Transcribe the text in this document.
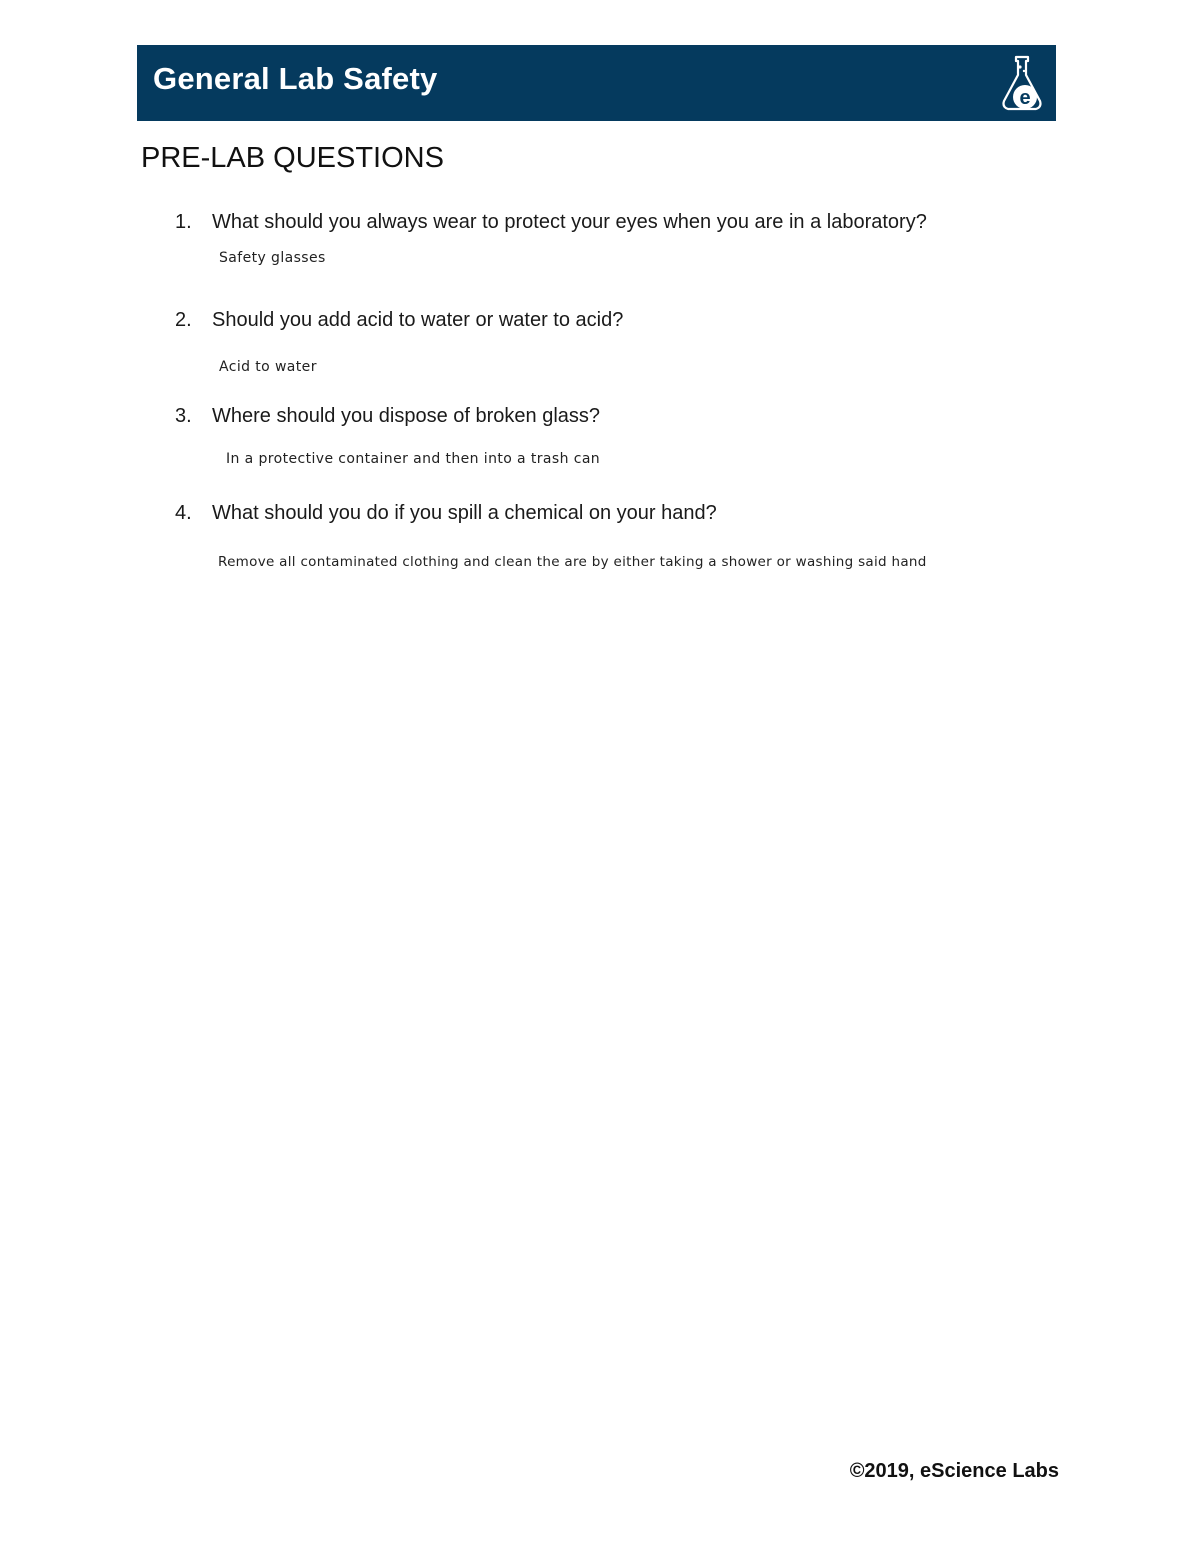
General Lab Safety
e
PRE-LAB QUESTIONS
1. What should you always wear to protect your eyes when you are in a laboratory?
Safety glasses
2. Should you add acid to water or water to acid?
Acid to water
3. Where should you dispose of broken glass?
In a protective container and then into a trash can
4. What should you do if you spill a chemical on your hand?
Remove all contaminated clothing and clean the are by either taking a shower or washing said hand
©2019, eScience Labs
